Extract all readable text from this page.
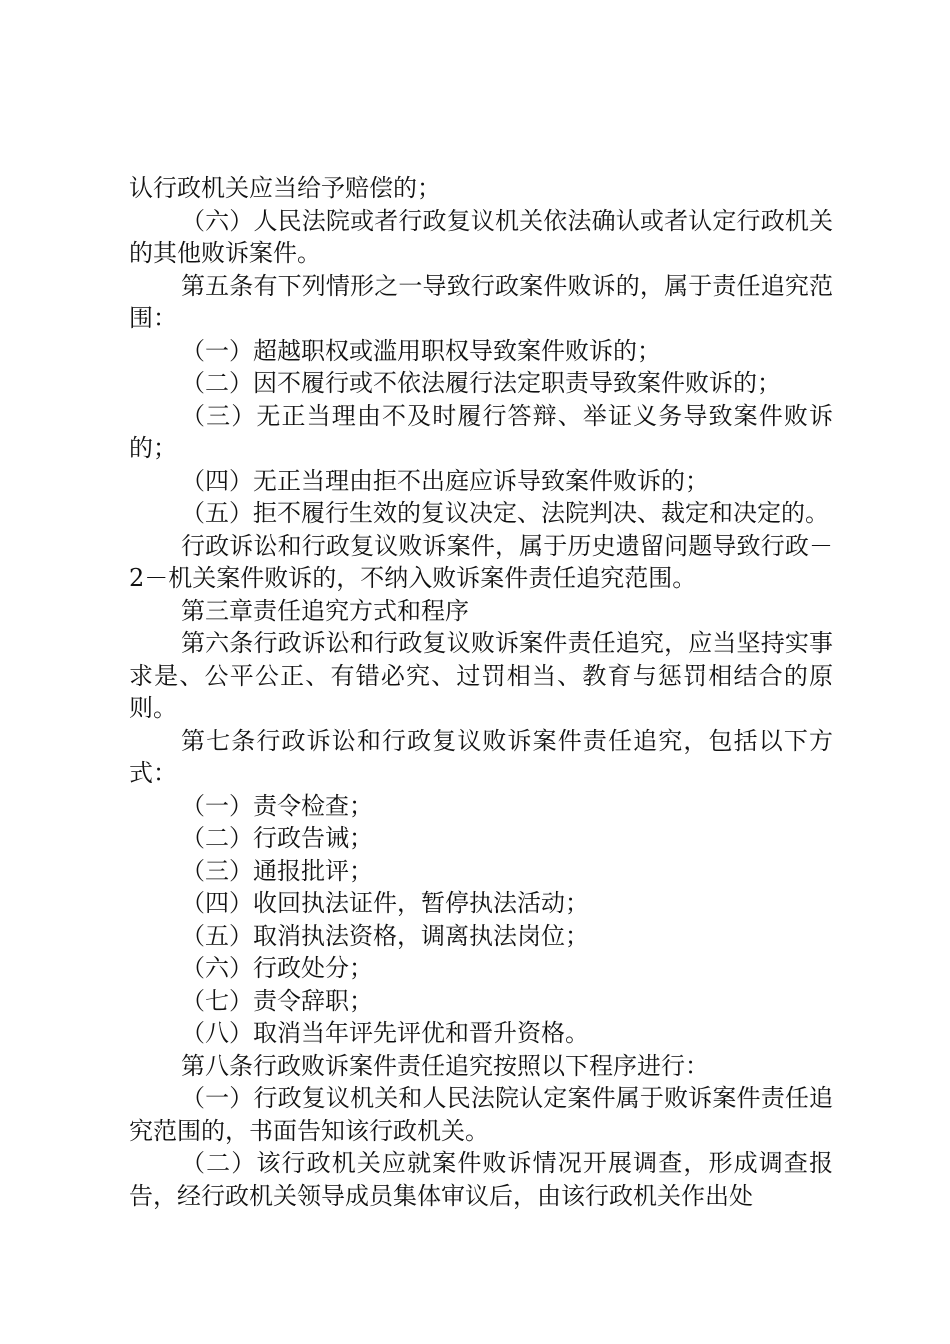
认行政机关应当给予赔偿的；

（六）人民法院或者行政复议机关依法确认或者认定行政机关的其他败诉案件。

第五条有下列情形之一导致行政案件败诉的，属于责任追究范围：

（一）超越职权或滥用职权导致案件败诉的；

（二）因不履行或不依法履行法定职责导致案件败诉的；

（三）无正当理由不及时履行答辩、举证义务导致案件败诉的；

（四）无正当理由拒不出庭应诉导致案件败诉的；

（五）拒不履行生效的复议决定、法院判决、裁定和决定的。

行政诉讼和行政复议败诉案件，属于历史遗留问题导致行政－2－机关案件败诉的，不纳入败诉案件责任追究范围。

第三章责任追究方式和程序

第六条行政诉讼和行政复议败诉案件责任追究，应当坚持实事求是、公平公正、有错必究、过罚相当、教育与惩罚相结合的原则。

第七条行政诉讼和行政复议败诉案件责任追究，包括以下方式：

（一）责令检查；

（二）行政告诫；

（三）通报批评；

（四）收回执法证件，暂停执法活动；

（五）取消执法资格，调离执法岗位；

（六）行政处分；

（七）责令辞职；

（八）取消当年评先评优和晋升资格。

第八条行政败诉案件责任追究按照以下程序进行：

（一）行政复议机关和人民法院认定案件属于败诉案件责任追究范围的，书面告知该行政机关。

（二）该行政机关应就案件败诉情况开展调查，形成调查报告，经行政机关领导成员集体审议后，由该行政机关作出处
